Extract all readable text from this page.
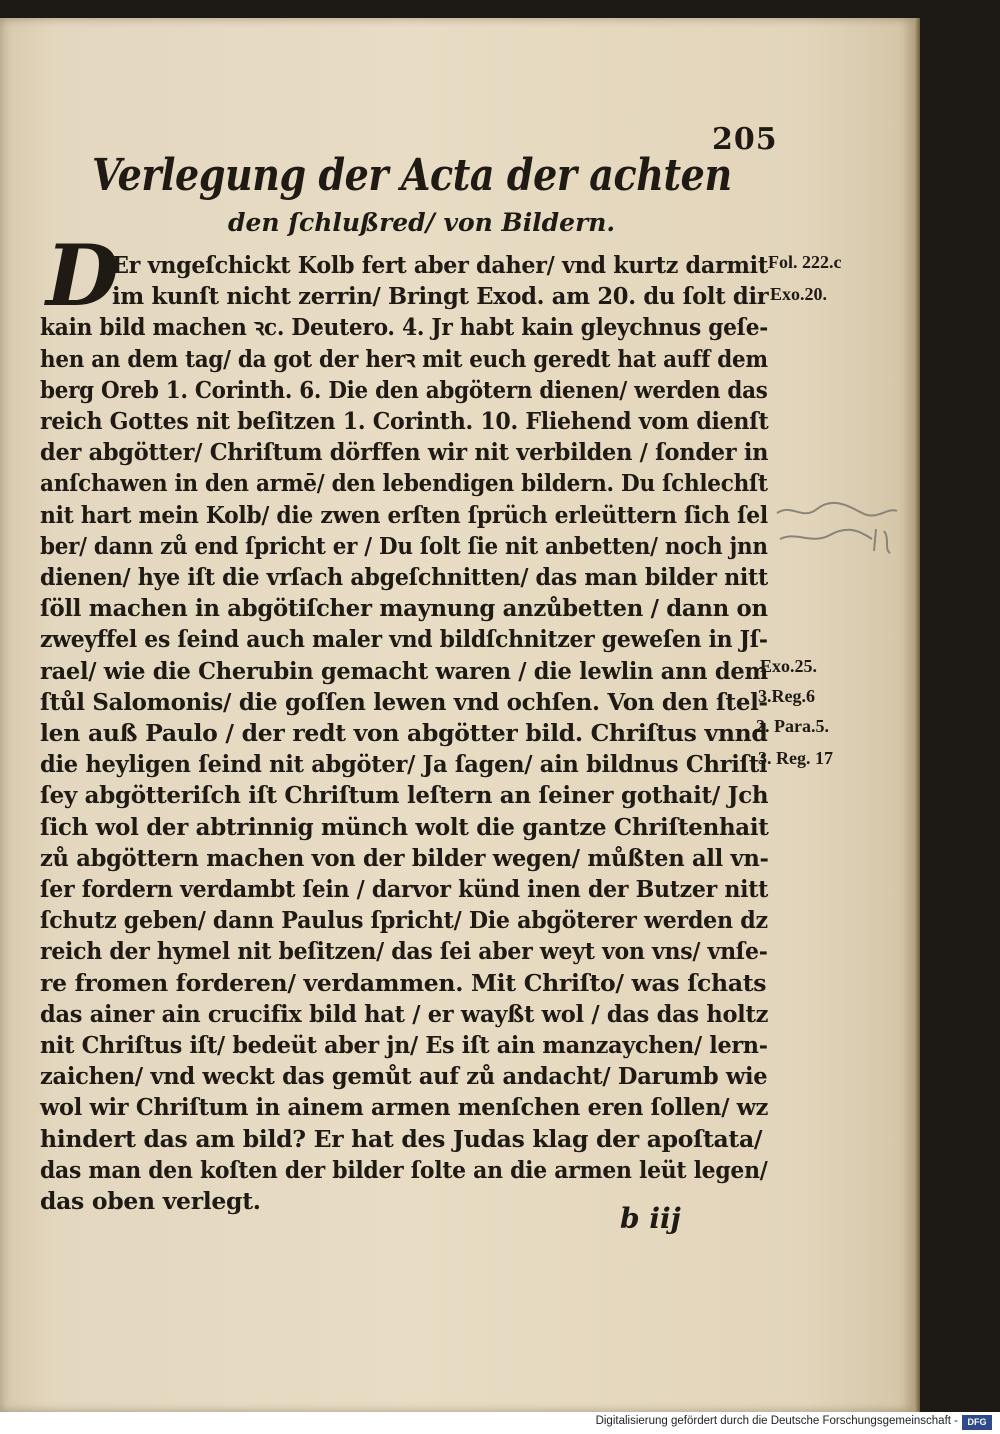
205
Verlegung der Acta der achten
den ſchlußred/ von Bildern.
D
Er vngeſchickt Kolb fert aber daher/ vnd kurtz darmit
im kunſt nicht zerrin/ Bringt Exod. am 20. du ſolt dir
kain bild machen ꝛc. Deutero. 4. Jr habt kain gleychnus geſe-
hen an dem tag/ da got der herꝛ mit euch geredt hat auff dem
berg Oreb 1. Corinth. 6. Die den abgötern dienen/ werden das
reich Gottes nit beſitzen 1. Corinth. 10. Fliehend vom dienſt
der abgötter/ Chriſtum dörffen wir nit verbilden / ſonder in
anſchawen in den armē/ den lebendigen bildern. Du ſchlechſt
nit hart mein Kolb/ die zwen erſten ſprüch erleüttern ſich ſel
ber/ dann zů end ſpricht er / Du ſolt ſie nit anbetten/ noch jnn
dienen/ hye iſt die vrſach abgeſchnitten/ das man bilder nitt
ſöll machen in abgötiſcher maynung anzůbetten / dann on
zweyffel es ſeind auch maler vnd bildſchnitzer geweſen in Jſ-
rael/ wie die Cherubin gemacht waren / die lewlin ann dem
ſtůl Salomonis/ die goſſen lewen vnd ochſen. Von den ſtel-
len auß Paulo / der redt von abgötter bild. Chriſtus vnnd
die heyligen ſeind nit abgöter/ Ja ſagen/ ain bildnus Chriſti
ſey abgötteriſch iſt Chriſtum leſtern an ſeiner gothait/ Jch
ſich wol der abtrinnig münch wolt die gantze Chriſtenhait
zů abgöttern machen von der bilder wegen/ můßten all vn-
ſer fordern verdambt ſein / darvor künd inen der Butzer nitt
ſchutz geben/ dann Paulus ſpricht/ Die abgöterer werden dz
reich der hymel nit beſitzen/ das ſei aber weyt von vns/ vnſe-
re fromen forderen/ verdammen. Mit Chriſto/ was ſchats
das ainer ain crucifix bild hat / er wayßt wol / das das holtz
nit Chriſtus iſt/ bedeüt aber jn/ Es iſt ain manzaychen/ lern-
zaichen/ vnd weckt das gemůt auf zů andacht/ Darumb wie
wol wir Chriſtum in ainem armen menſchen eren ſollen/ wz
hindert das am bild? Er hat des Judas klag der apoſtata/
das man den koſten der bilder ſolte an die armen leüt legen/
das oben verlegt.
Fol. 222.c
Exo.20.
Exo.25.
3.Reg.6
2. Para.5.
3. Reg. 17
b iij
Digitalisierung gefördert durch die Deutsche Forschungsgemeinschaft -	DFG
